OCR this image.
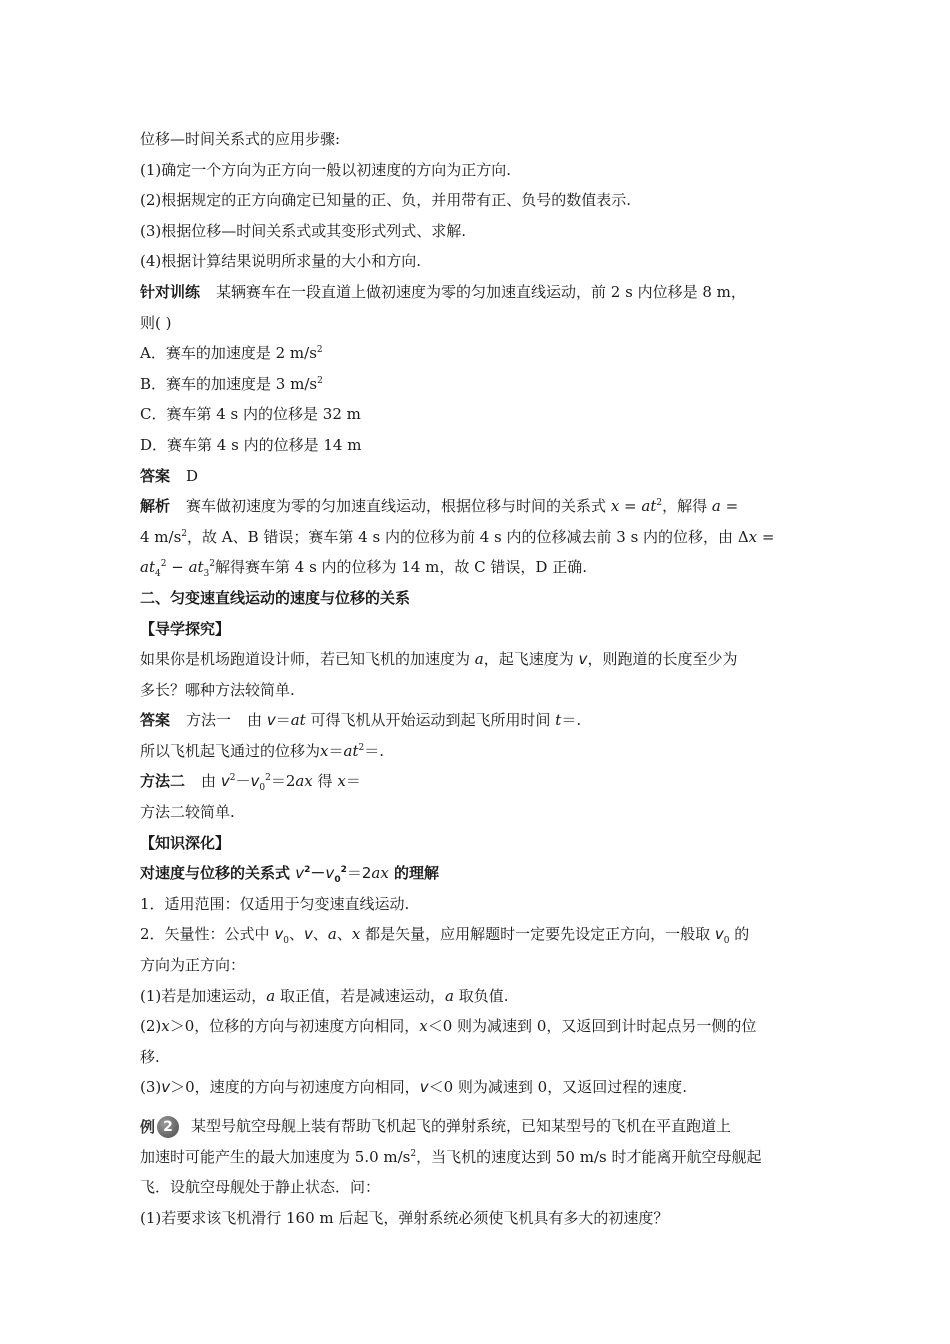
位移—时间关系式的应用步骤:
(1)确定一个方向为正方向一般以初速度的方向为正方向.
(2)根据规定的正方向确定已知量的正、负，并用带有正、负号的数值表示.
(3)根据位移—时间关系式或其变形式列式、求解.
(4)根据计算结果说明所求量的大小和方向.
针对训练 某辆赛车在一段直道上做初速度为零的匀加速直线运动，前 2 s 内位移是 8 m，
则( )
A．赛车的加速度是 2 $m/s^2$
B．赛车的加速度是 3 $m/s^2$
C．赛车第 4 s 内的位移是 32 m
D．赛车第 4 s 内的位移是 14 m
答案 D
解析 赛车做初速度为零的匀加速直线运动，根据位移与时间的关系式 $x = at^2$，解得 a =
4 $m/s^2$，故 A、B 错误；赛车第 4 s 内的位移为前 4 s 内的位移减去前 3 s 内的位移，由 Δx =
$at_4^2 - at_3^2$解得赛车第 4 s 内的位移为 14 m，故 C 错误，D 正确.
二、匀变速直线运动的速度与位移的关系
【导学探究】
如果你是机场跑道设计师，若已知飞机的加速度为 a，起飞速度为 v，则跑道的长度至少为
多长？哪种方法较简单.
答案 方法一 由 v＝at 可得飞机从开始运动到起飞所用时间 t＝.
所以飞机起飞通过的位移为$x=at^2=$.
方法二 由 $v^2-v_0^2=2ax$ 得 x＝
方法二较简单.
【知识深化】
对速度与位移的关系式 $v^2-v_0^2=2ax$ 的理解
1．适用范围：仅适用于匀变速直线运动.
2．矢量性：公式中 $v_0$、v、a、x 都是矢量，应用解题时一定要先设定正方向，一般取 $v_0$ 的
方向为正方向：
(1)若是加速运动，a 取正值，若是减速运动，a 取负值.
(2)x＞0，位移的方向与初速度方向相同，x＜0 则为减速到 0，又返回到计时起点另一侧的位
移.
(3)v＞0，速度的方向与初速度方向相同，v＜0 则为减速到 0，又返回过程的速度.
例 2	某型号航空母舰上装有帮助飞机起飞的弹射系统，已知某型号的飞机在平直跑道上
加速时可能产生的最大加速度为 5.0 $m/s^2$，当飞机的速度达到 50 m/s 时才能离开航空母舰起
飞．设航空母舰处于静止状态．问：
(1)若要求该飞机滑行 160 m 后起飞，弹射系统必须使飞机具有多大的初速度？
